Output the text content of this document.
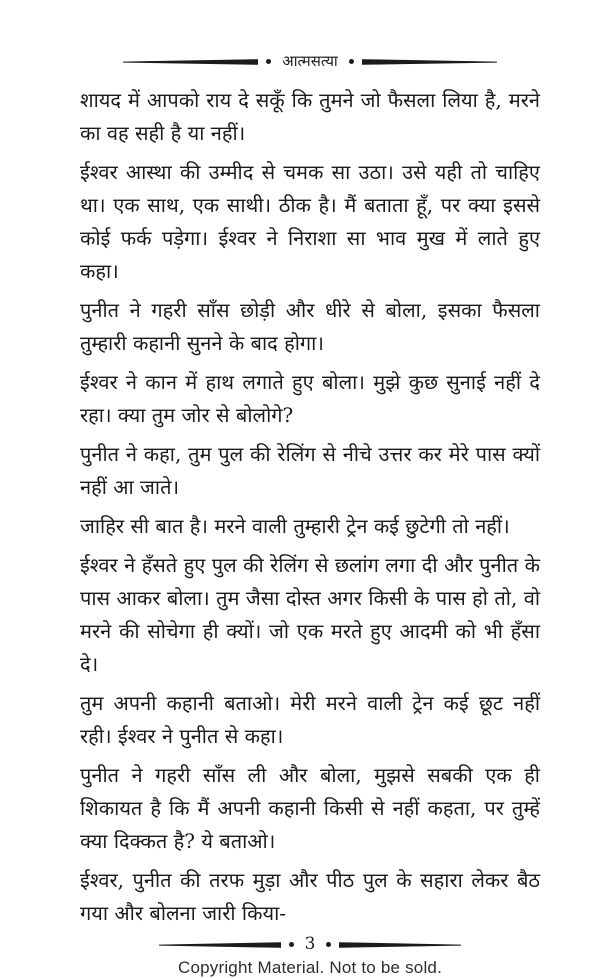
आत्मसत्या

शायद में आपको राय दे सकूँ कि तुमने जो फैसला लिया है, मरने का वह सही है या नहीं।

ईश्वर आस्था की उम्मीद से चमक सा उठा। उसे यही तो चाहिए था। एक साथ, एक साथी। ठीक है। मैं बताता हूँ, पर क्या इससे कोई फर्क पड़ेगा। ईश्वर ने निराशा सा भाव मुख में लाते हुए कहा।

पुनीत ने गहरी साँस छोड़ी और धीरे से बोला, इसका फैसला तुम्हारी कहानी सुनने के बाद होगा।

ईश्वर ने कान में हाथ लगाते हुए बोला। मुझे कुछ सुनाई नहीं दे रहा। क्या तुम जोर से बोलोगे?

पुनीत ने कहा, तुम पुल की रेलिंग से नीचे उत्तर कर मेरे पास क्यों नहीं आ जाते।

जाहिर सी बात है। मरने वाली तुम्हारी ट्रेन कई छुटेगी तो नहीं।

ईश्वर ने हँसते हुए पुल की रेलिंग से छलांग लगा दी और पुनीत के पास आकर बोला। तुम जैसा दोस्त अगर किसी के पास हो तो, वो मरने की सोचेगा ही क्यों। जो एक मरते हुए आदमी को भी हँसा दे।

तुम अपनी कहानी बताओ। मेरी मरने वाली ट्रेन कई छूट नहीं रही। ईश्वर ने पुनीत से कहा।

पुनीत ने गहरी साँस ली और बोला, मुझसे सबकी एक ही शिकायत है कि मैं अपनी कहानी किसी से नहीं कहता, पर तुम्हें क्या दिक्कत है? ये बताओ।

ईश्वर, पुनीत की तरफ मुड़ा और पीठ पुल के सहारा लेकर बैठ गया और बोलना जारी किया-

3
Copyright Material. Not to be sold.
